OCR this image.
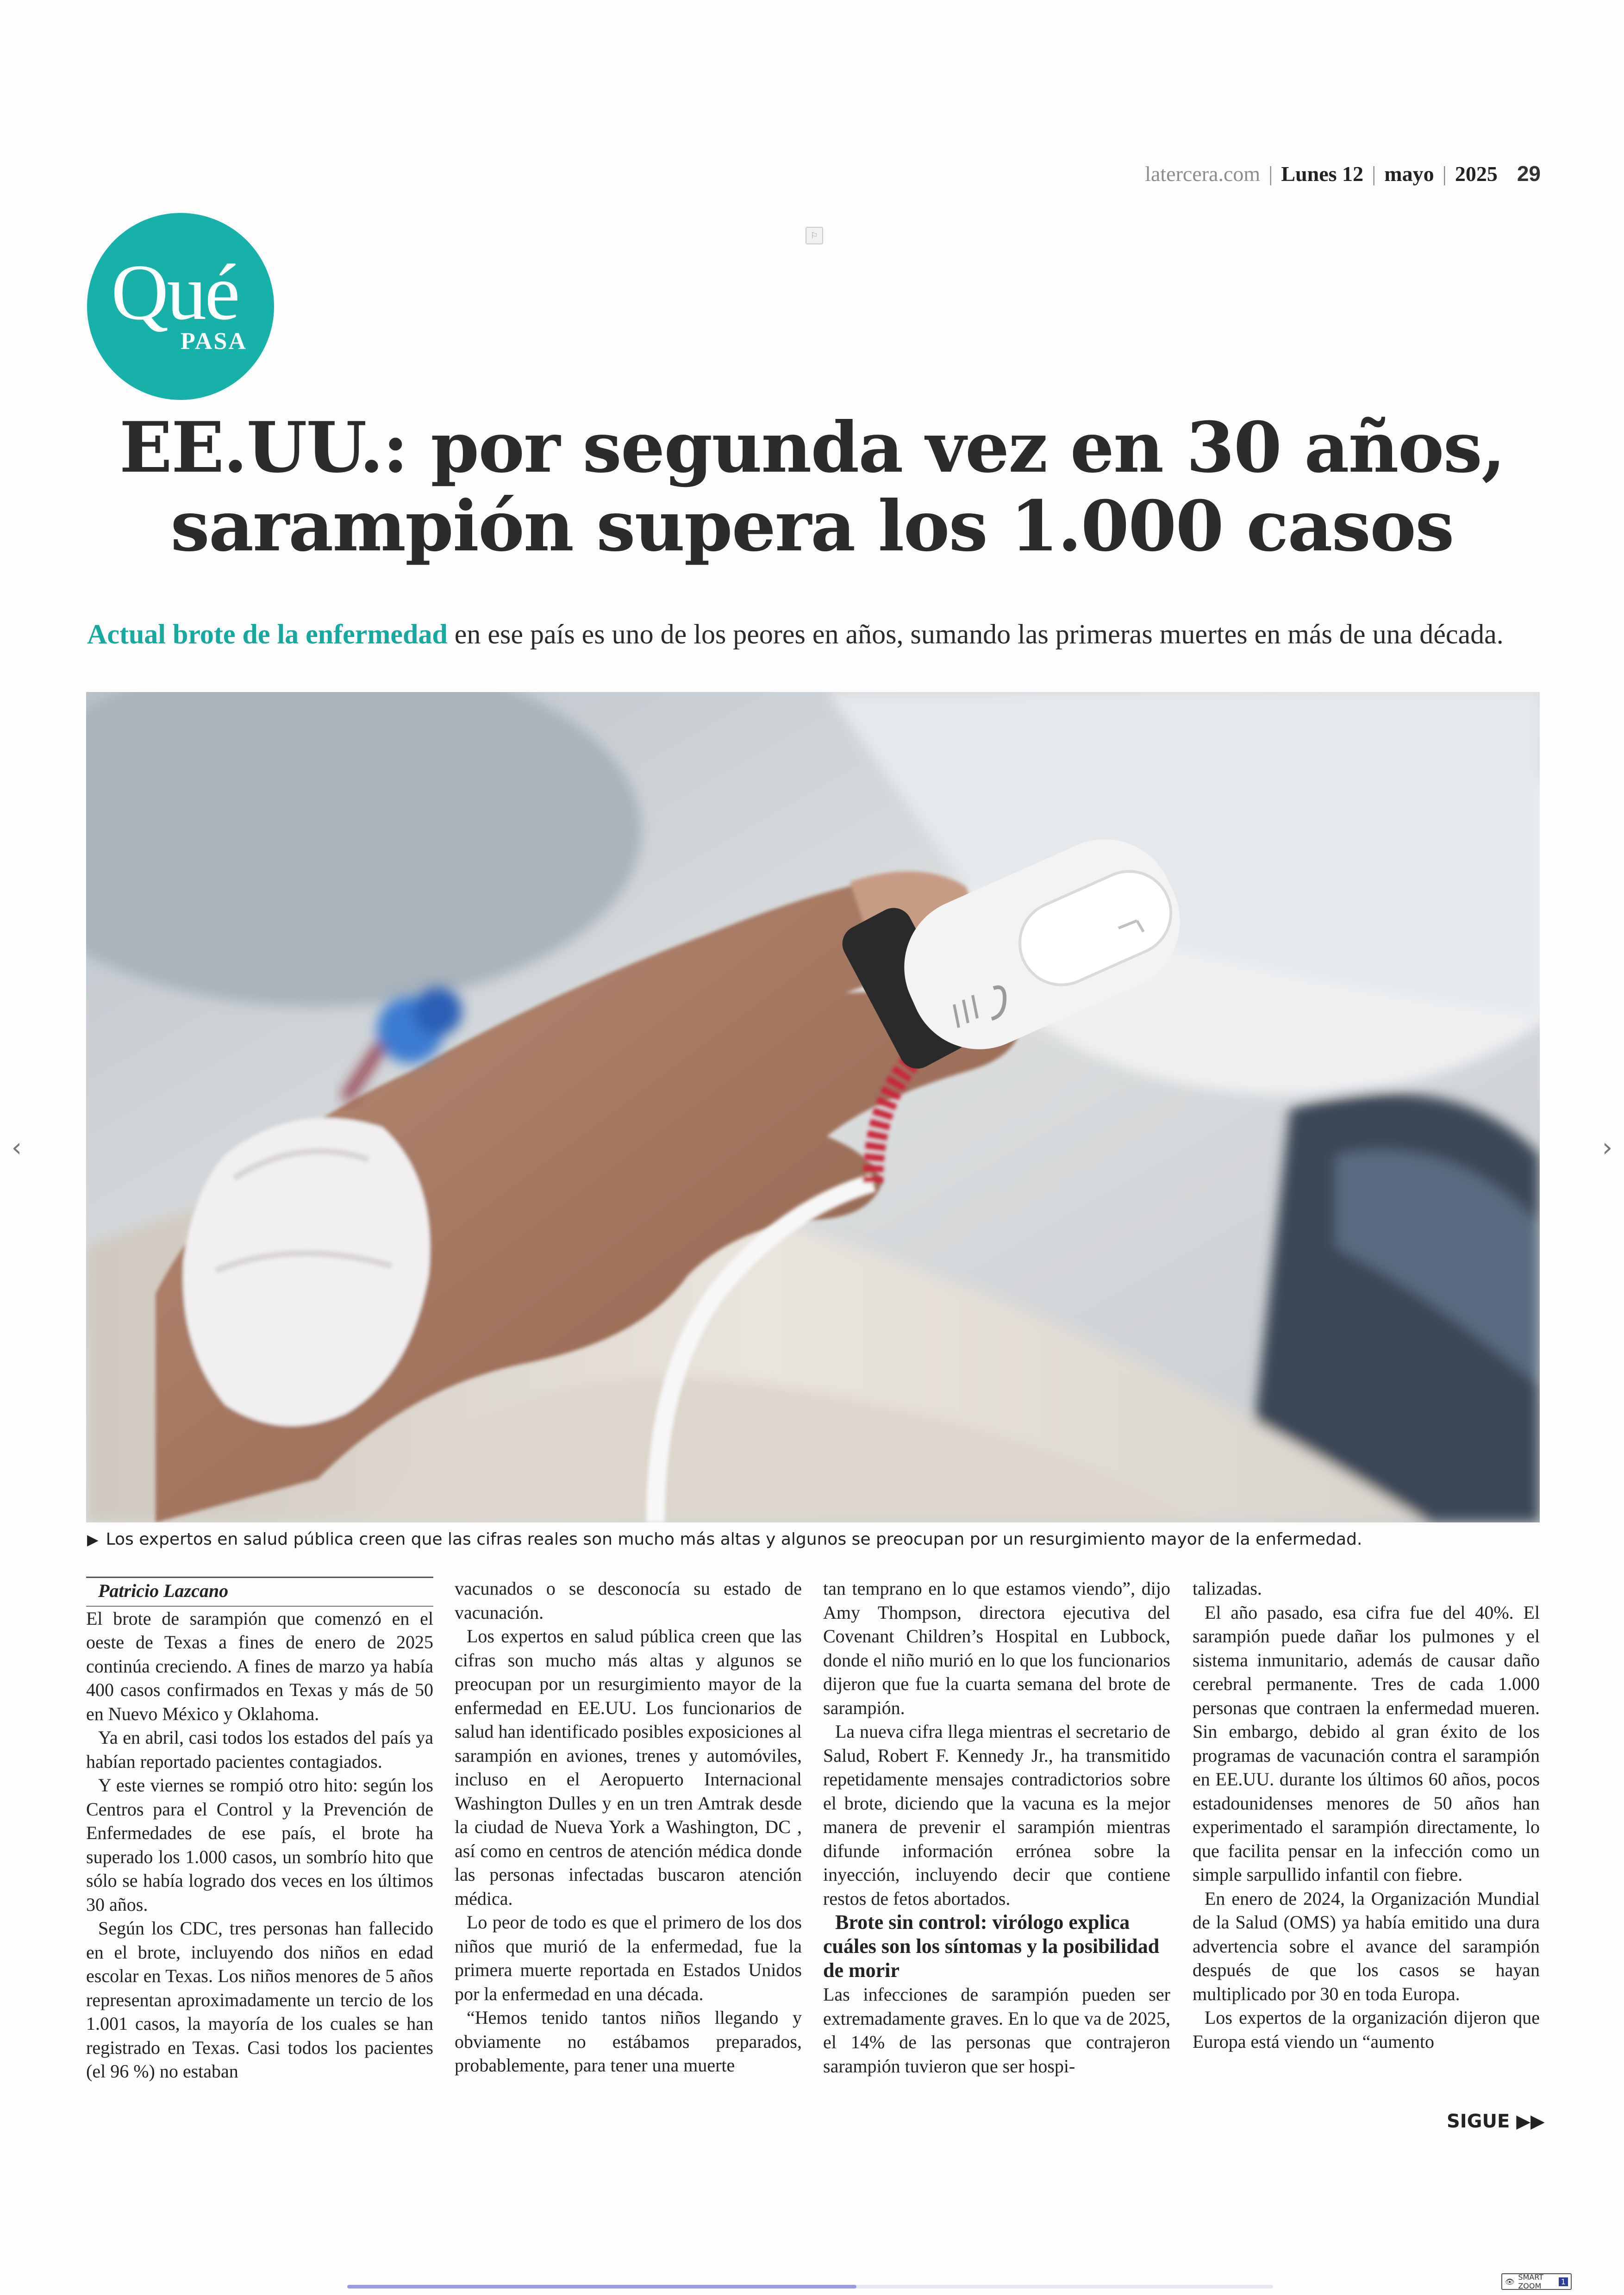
latercera.com | Lunes 12 | mayo | 2025 29
⚐
Qué
PASA
EE.UU.: por segunda vez en 30 años,
sarampión supera los 1.000 casos
Actual brote de la enfermedad en ese país es uno de los peores en años, sumando las primeras muertes en más de una década.
▶ Los expertos en salud pública creen que las cifras reales son mucho más altas y algunos se preocupan por un resurgimiento mayor de la enfermedad.
‹	›

Patricio Lazcano

El brote de sarampión que comenzó en el oeste de Texas a fines de enero de 2025 continúa creciendo. A fines de marzo ya había 400 casos confirmados en Texas y más de 50 en Nuevo México y Oklahoma.

Ya en abril, casi todos los estados del país ya habían reportado pacientes contagiados.

Y este viernes se rompió otro hito: según los Centros para el Control y la Prevención de Enfermedades de ese país, el brote ha superado los 1.000 casos, un sombrío hito que sólo se había logrado dos veces en los últimos 30 años.

Según los CDC, tres personas han fallecido en el brote, incluyendo dos niños en edad escolar en Texas. Los niños menores de 5 años representan aproximadamente un tercio de los 1.001 casos, la mayoría de los cuales se han registrado en Texas. Casi todos los pacientes (el 96 %) no estaban

vacunados o se desconocía su estado de vacunación.

Los expertos en salud pública creen que las cifras son mucho más altas y algunos se preocupan por un resurgimiento mayor de la enfermedad en EE.UU. Los funcionarios de salud han identificado posibles exposiciones al sarampión en aviones, trenes y automóviles, incluso en el Aeropuerto Internacional Washington Dulles y en un tren Amtrak desde la ciudad de Nueva York a Washington, DC , así como en centros de atención médica donde las personas infectadas buscaron atención médica.

Lo peor de todo es que el primero de los dos niños que murió de la enfermedad, fue la primera muerte reportada en Estados Unidos por la enfermedad en una década.

“Hemos tenido tantos niños llegando y obviamente no estábamos preparados, probablemente, para tener una muerte

tan temprano en lo que estamos viendo”, dijo Amy Thompson, directora ejecutiva del Covenant Children’s Hospital en Lubbock, donde el niño murió en lo que los funcionarios dijeron que fue la cuarta semana del brote de sarampión.

La nueva cifra llega mientras el secretario de Salud, Robert F. Kennedy Jr., ha transmitido repetidamente mensajes contradictorios sobre el brote, diciendo que la vacuna es la mejor manera de prevenir el sarampión mientras difunde información errónea sobre la inyección, incluyendo decir que contiene restos de fetos abortados.

Brote sin control: virólogo explica cuáles son los síntomas y la posibilidad de morir

Las infecciones de sarampión pueden ser extremadamente graves. En lo que va de 2025, el 14% de las personas que contrajeron sarampión tuvieron que ser hospi-

talizadas.

El año pasado, esa cifra fue del 40%. El sarampión puede dañar los pulmones y el sistema inmunitario, además de causar daño cerebral permanente. Tres de cada 1.000 personas que contraen la enfermedad mueren. Sin embargo, debido al gran éxito de los programas de vacunación contra el sarampión en EE.UU. durante los últimos 60 años, pocos estadounidenses menores de 50 años han experimentado el sarampión directamente, lo que facilita pensar en la infección como un simple sarpullido infantil con fiebre.

En enero de 2024, la Organización Mundial de la Salud (OMS) ya había emitido una dura advertencia sobre el avance del sarampión después de que los casos se hayan multiplicado por 30 en toda Europa.

Los expertos de la organización dijeron que Europa está viendo un “aumento

SIGUE ▶▶
👁 SMART ZOOM	1
